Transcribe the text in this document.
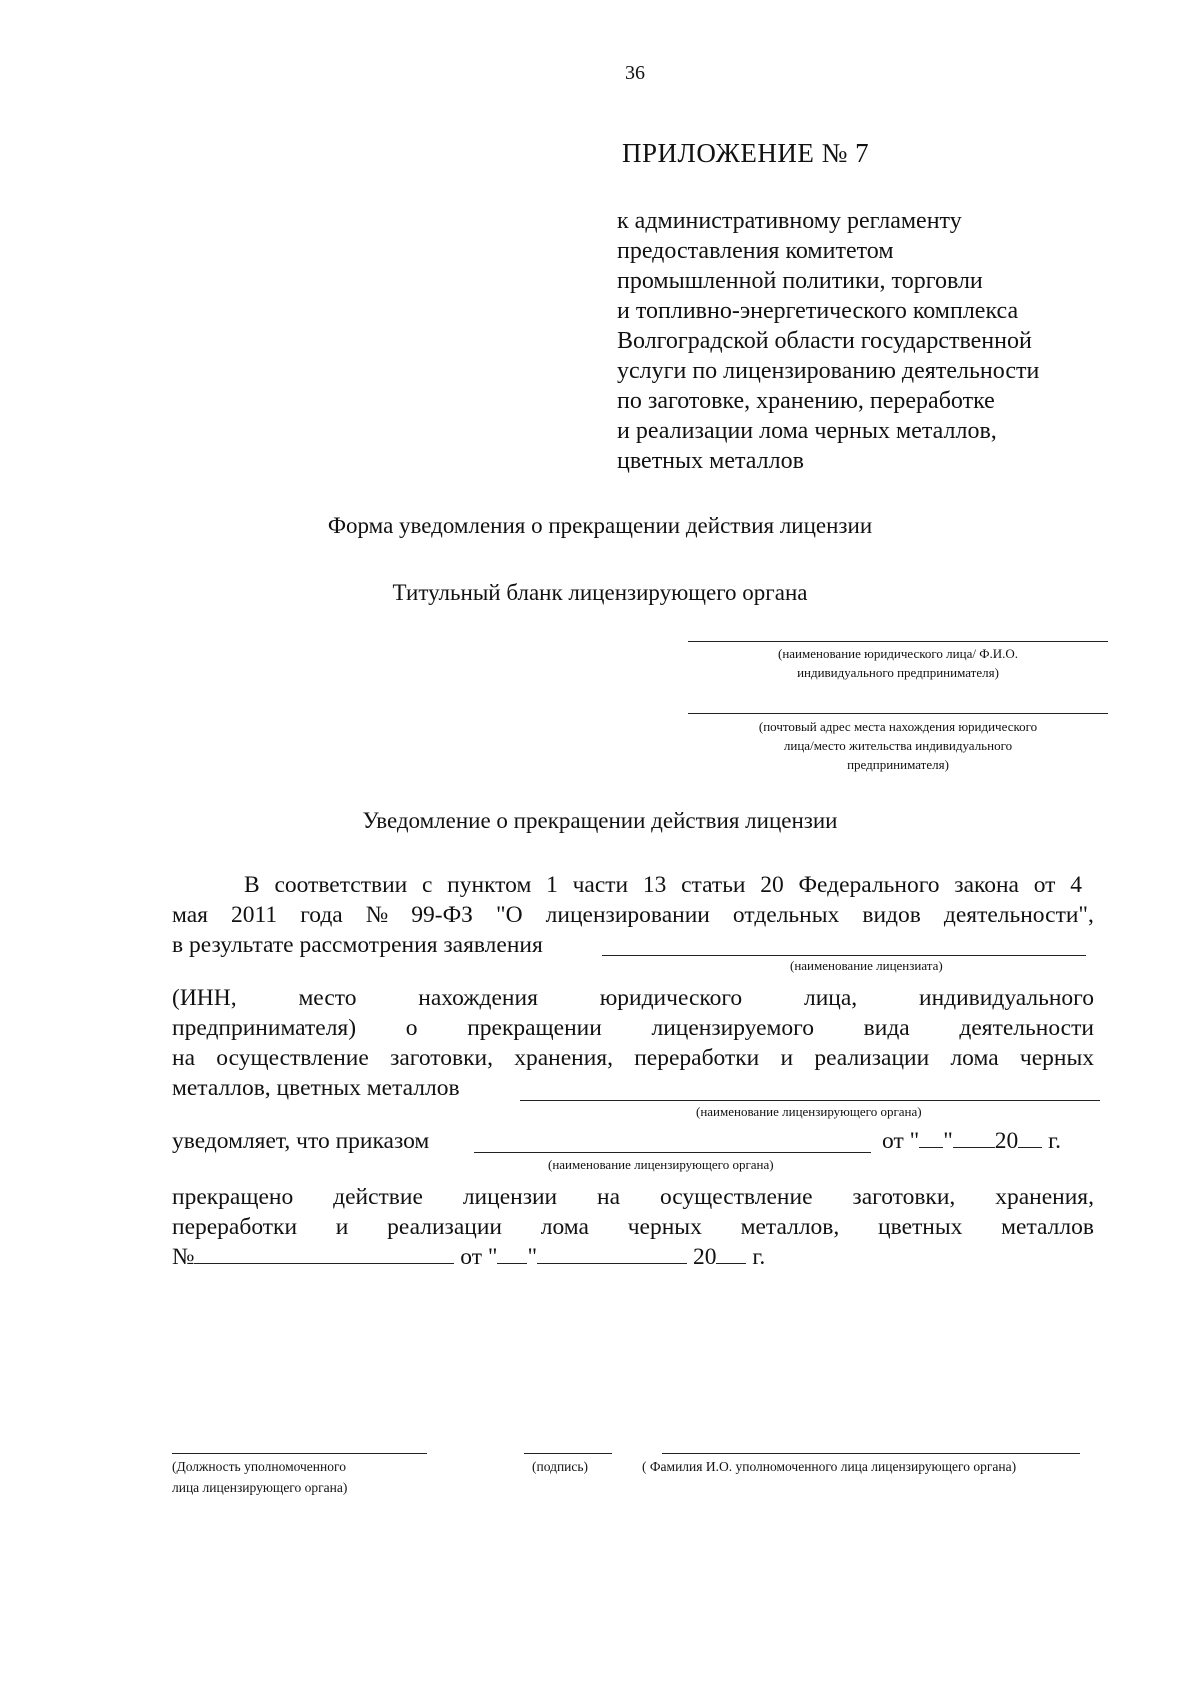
36
ПРИЛОЖЕНИЕ № 7
к административному регламенту
предоставления комитетом
промышленной политики, торговли
и топливно-энергетического комплекса
Волгоградской области государственной
услуги по лицензированию деятельности
по заготовке, хранению, переработке
и реализации лома черных металлов,
цветных металлов
Форма уведомления о прекращении действия лицензии
Титульный бланк лицензирующего органа
(наименование юридического лица/ Ф.И.О.
индивидуального предпринимателя)
(почтовый адрес места нахождения юридического
лица/место жительства индивидуального
предпринимателя)
Уведомление о прекращении действия лицензии
В соответствии с пунктом 1 части 13 статьи 20 Федерального закона от 4
мая 2011 года № 99-ФЗ "О лицензировании отдельных видов деятельности",
в результате рассмотрения заявления
(наименование лицензиата)
(ИНН,	место	нахождения	юридического	лица,	индивидуального
предпринимателя) о прекращении лицензируемого вида деятельности
на осуществление заготовки, хранения, переработки и реализации лома черных
металлов, цветных металлов
(наименование лицензирующего органа)
уведомляет, что приказом	от " " 20 г.
(наименование лицензирующего органа)
прекращено действие лицензии на осуществление заготовки, хранения,
переработки и реализации лома черных металлов, цветных металлов
№	от " "	20 г.
(Должность уполномоченного
лица лицензирующего органа)
(подпись)	( Фамилия И.О. уполномоченного лица лицензирующего органа)
